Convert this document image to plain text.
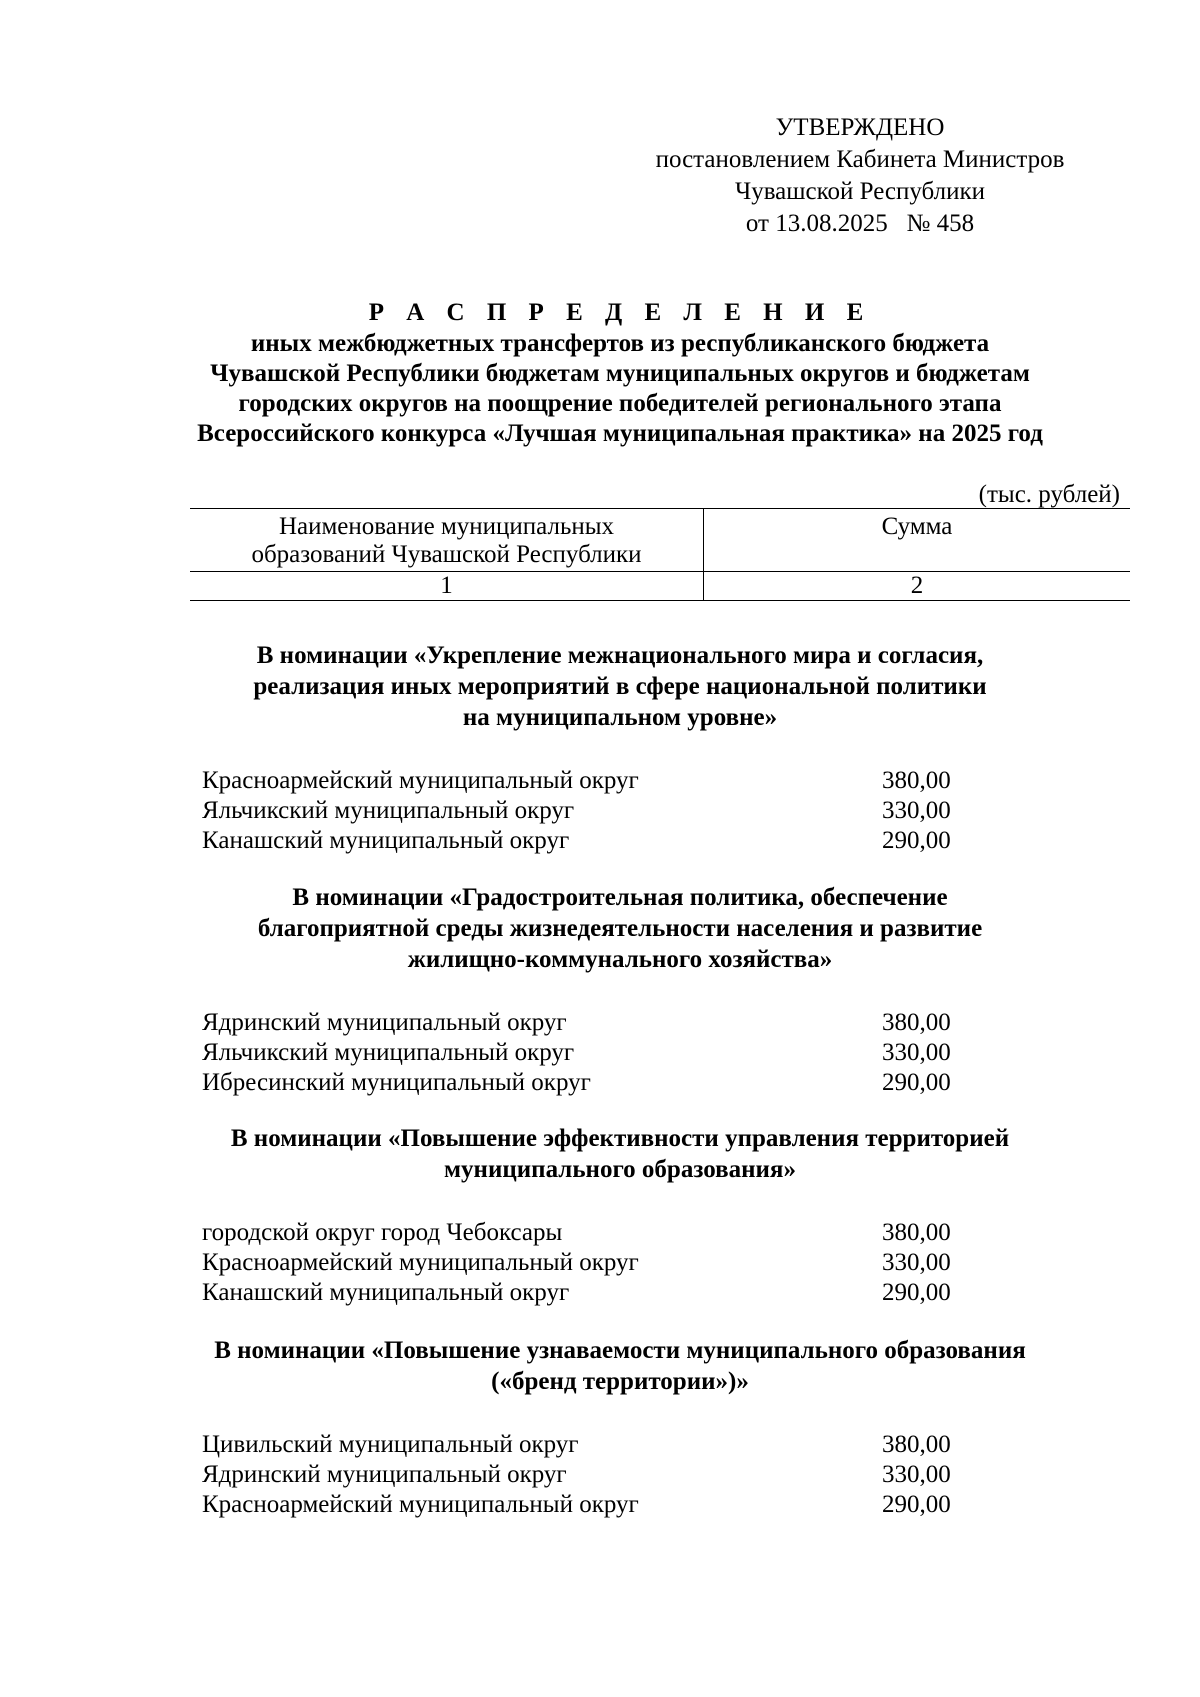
УТВЕРЖДЕНО
постановлением Кабинета Министров
Чувашской Республики
от 13.08.2025   № 458
Р А С П Р Е Д Е Л Е Н И Е
иных межбюджетных трансфертов из республиканского бюджета
Чувашской Республики бюджетам муниципальных округов и бюджетам
городских округов на поощрение победителей регионального этапа
Всероссийского конкурса «Лучшая муниципальная практика» на 2025 год
(тыс. рублей)
Наименование муниципальных
образований Чувашской Республики	Сумма
1	2
В номинации «Укрепление межнационального мира и согласия,
реализация иных мероприятий в сфере национальной политики
на муниципальном уровне»
Красноармейский муниципальный округ	380,00
Яльчикский муниципальный округ	330,00
Канашский муниципальный округ	290,00
В номинации «Градостроительная политика, обеспечение
благоприятной среды жизнедеятельности населения и развитие
жилищно-коммунального хозяйства»
Ядринский муниципальный округ	380,00
Яльчикский муниципальный округ	330,00
Ибресинский муниципальный округ	290,00
В номинации «Повышение эффективности управления территорией
муниципального образования»
городской округ город Чебоксары	380,00
Красноармейский муниципальный округ	330,00
Канашский муниципальный округ	290,00
В номинации «Повышение узнаваемости муниципального образования
(«бренд территории»)»
Цивильский муниципальный округ	380,00
Ядринский муниципальный округ	330,00
Красноармейский муниципальный округ	290,00
